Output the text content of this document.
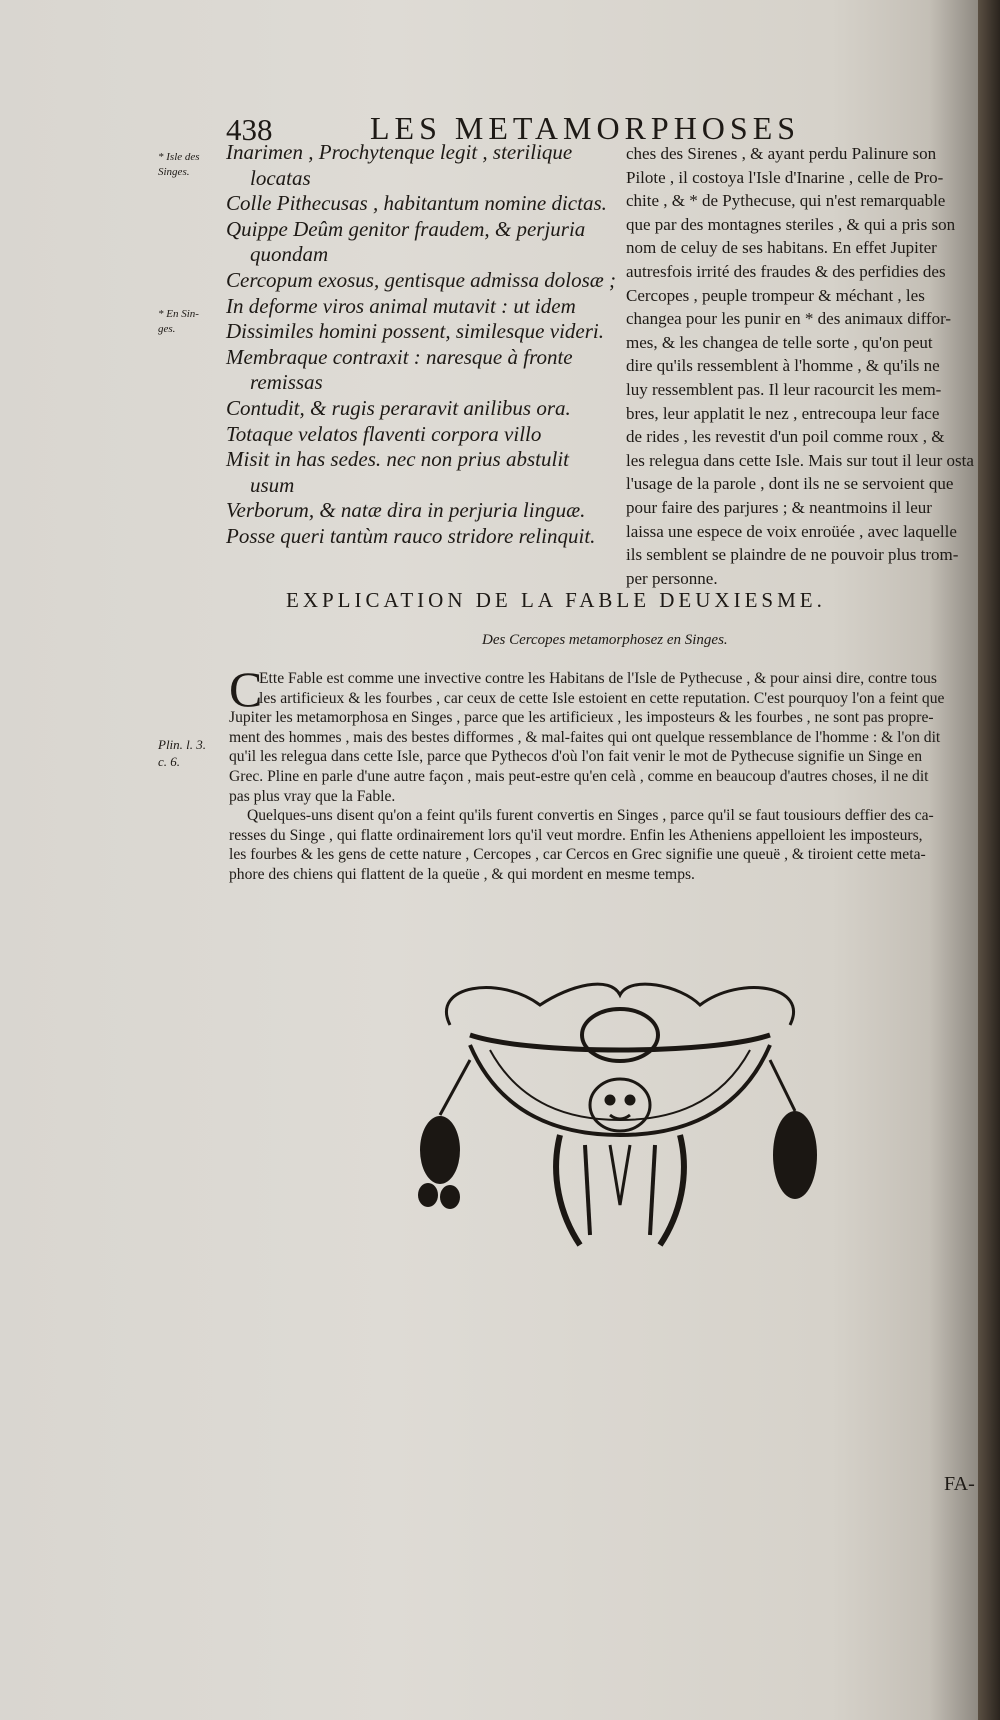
438	LES METAMORPHOSES
* Isle des
Singes.
* En Sin-
ges.
Plin. l. 3.
c. 6.
Inarimen , Prochytenque legit , sterilique
locatas
Colle Pithecusas , habitantum nomine dictas.
Quippe Deûm genitor fraudem, & perjuria
quondam
Cercopum exosus, gentisque admissa dolosæ ;
In deforme viros animal mutavit : ut idem
Dissimiles homini possent, similesque videri.
Membraque contraxit : naresque à fronte
remissas
Contudit, & rugis peraravit anilibus ora.
Totaque velatos flaventi corpora villo
Misit in has sedes. nec non prius abstulit
usum
Verborum, & natæ dira in perjuria linguæ.
Posse queri tantùm rauco stridore relinquit.
ches des Sirenes , & ayant perdu Palinure son
Pilote , il costoya l'Isle d'Inarine , celle de Pro-
chite , & * de Pythecuse, qui n'est remarquable
que par des montagnes steriles , & qui a pris son
nom de celuy de ses habitans. En effet Jupiter
autresfois irrité des fraudes & des perfidies des
Cercopes , peuple trompeur & méchant , les
changea pour les punir en * des animaux diffor-
mes, & les changea de telle sorte , qu'on peut
dire qu'ils ressemblent à l'homme , & qu'ils ne
luy ressemblent pas. Il leur racourcit les mem-
bres, leur applatit le nez , entrecoupa leur face
de rides , les revestit d'un poil comme roux , &
les relegua dans cette Isle. Mais sur tout il leur osta
l'usage de la parole , dont ils ne se servoient que
pour faire des parjures ; & neantmoins il leur
laissa une espece de voix enroüée , avec laquelle
ils semblent se plaindre de ne pouvoir plus trom-
per personne.
EXPLICATION DE LA FABLE DEUXIESME.
Des Cercopes metamorphosez en Singes.
C
Ette Fable est comme une invective contre les Habitans de l'Isle de Pythecuse , & pour ainsi dire, contre tous
les artificieux & les fourbes , car ceux de cette Isle estoient en cette reputation. C'est pourquoy l'on a feint que
Jupiter les metamorphosa en Singes , parce que les artificieux , les imposteurs & les fourbes , ne sont pas propre-
ment des hommes , mais des bestes difformes , & mal-faites qui ont quelque ressemblance de l'homme : & l'on dit
qu'il les relegua dans cette Isle, parce que Pythecos d'où l'on fait venir le mot de Pythecuse signifie un Singe en
Grec. Pline en parle d'une autre façon , mais peut-estre qu'en celà , comme en beaucoup d'autres choses, il ne dit
pas plus vray que la Fable.
Quelques-uns disent qu'on a feint qu'ils furent convertis en Singes , parce qu'il se faut tousiours deffier des ca-
resses du Singe , qui flatte ordinairement lors qu'il veut mordre. Enfin les Atheniens appelloient les imposteurs,
les fourbes & les gens de cette nature , Cercopes , car Cercos en Grec signifie une queuë , & tiroient cette meta-
phore des chiens qui flattent de la queüe , & qui mordent en mesme temps.
FA-
